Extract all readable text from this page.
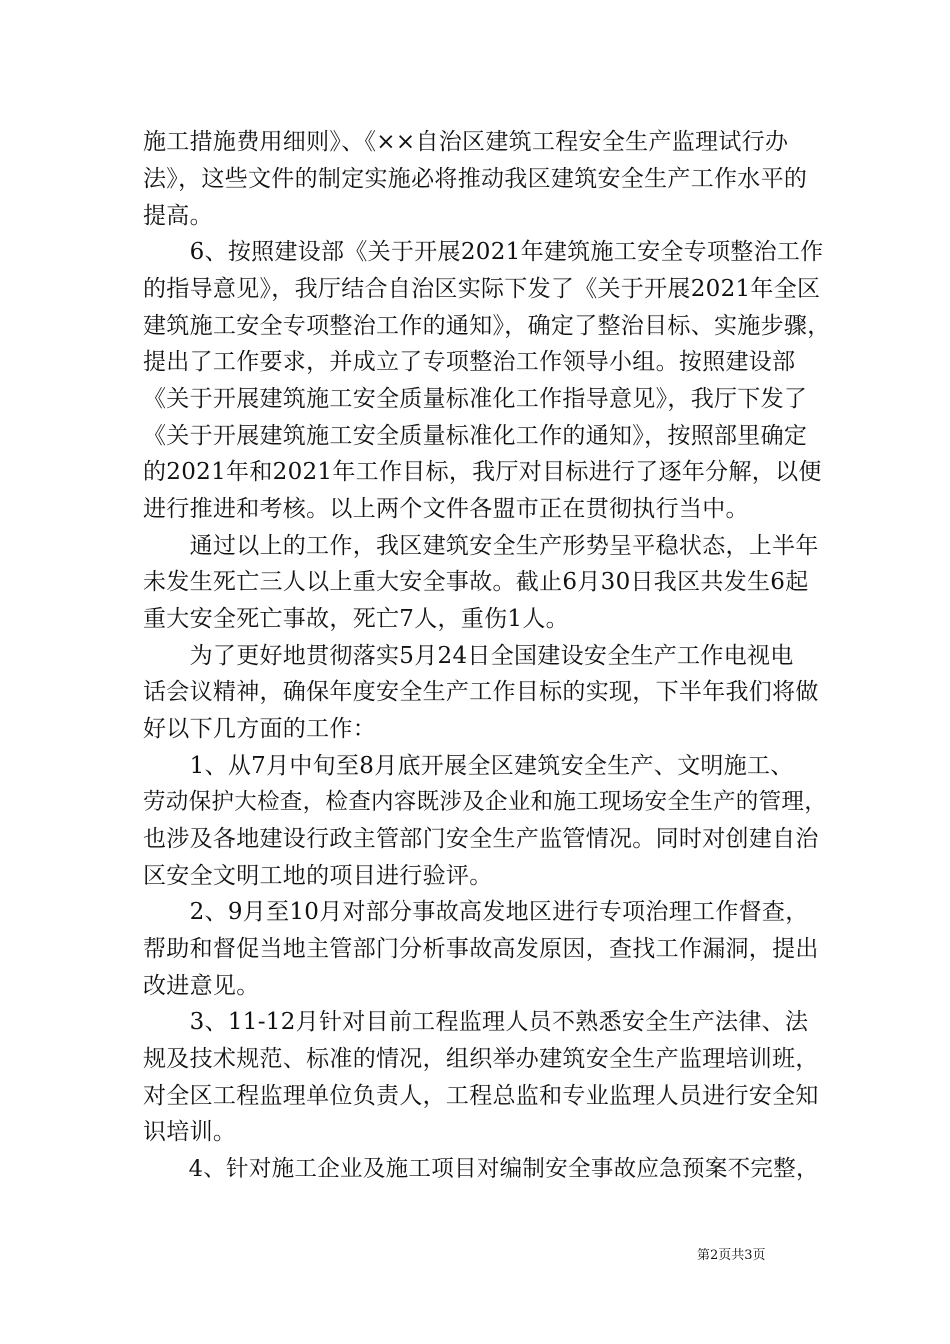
施工措施费用细则》、《××自治区建筑工程安全生产监理试行办
法》，这些文件的制定实施必将推动我区建筑安全生产工作水平的
提高。
　　6、按照建设部《关于开展2021年建筑施工安全专项整治工作
的指导意见》，我厅结合自治区实际下发了《关于开展2021年全区
建筑施工安全专项整治工作的通知》，确定了整治目标、实施步骤，
提出了工作要求，并成立了专项整治工作领导小组。按照建设部
《关于开展建筑施工安全质量标准化工作指导意见》，我厅下发了
《关于开展建筑施工安全质量标准化工作的通知》，按照部里确定
的2021年和2021年工作目标，我厅对目标进行了逐年分解，以便
进行推进和考核。以上两个文件各盟市正在贯彻执行当中。
　　通过以上的工作，我区建筑安全生产形势呈平稳状态，上半年
未发生死亡三人以上重大安全事故。截止6月30日我区共发生6起
重大安全死亡事故，死亡7人，重伤1人。
　　为了更好地贯彻落实5月24日全国建设安全生产工作电视电
话会议精神，确保年度安全生产工作目标的实现，下半年我们将做
好以下几方面的工作：
　　1、从7月中旬至8月底开展全区建筑安全生产、文明施工、
劳动保护大检查，检查内容既涉及企业和施工现场安全生产的管理，
也涉及各地建设行政主管部门安全生产监管情况。同时对创建自治
区安全文明工地的项目进行验评。
　　2、9月至10月对部分事故高发地区进行专项治理工作督查，
帮助和督促当地主管部门分析事故高发原因，查找工作漏洞，提出
改进意见。
　　3、11-12月针对目前工程监理人员不熟悉安全生产法律、法
规及技术规范、标准的情况，组织举办建筑安全生产监理培训班，
对全区工程监理单位负责人，工程总监和专业监理人员进行安全知
识培训。
　　4、针对施工企业及施工项目对编制安全事故应急预案不完整，
第2页共3页
